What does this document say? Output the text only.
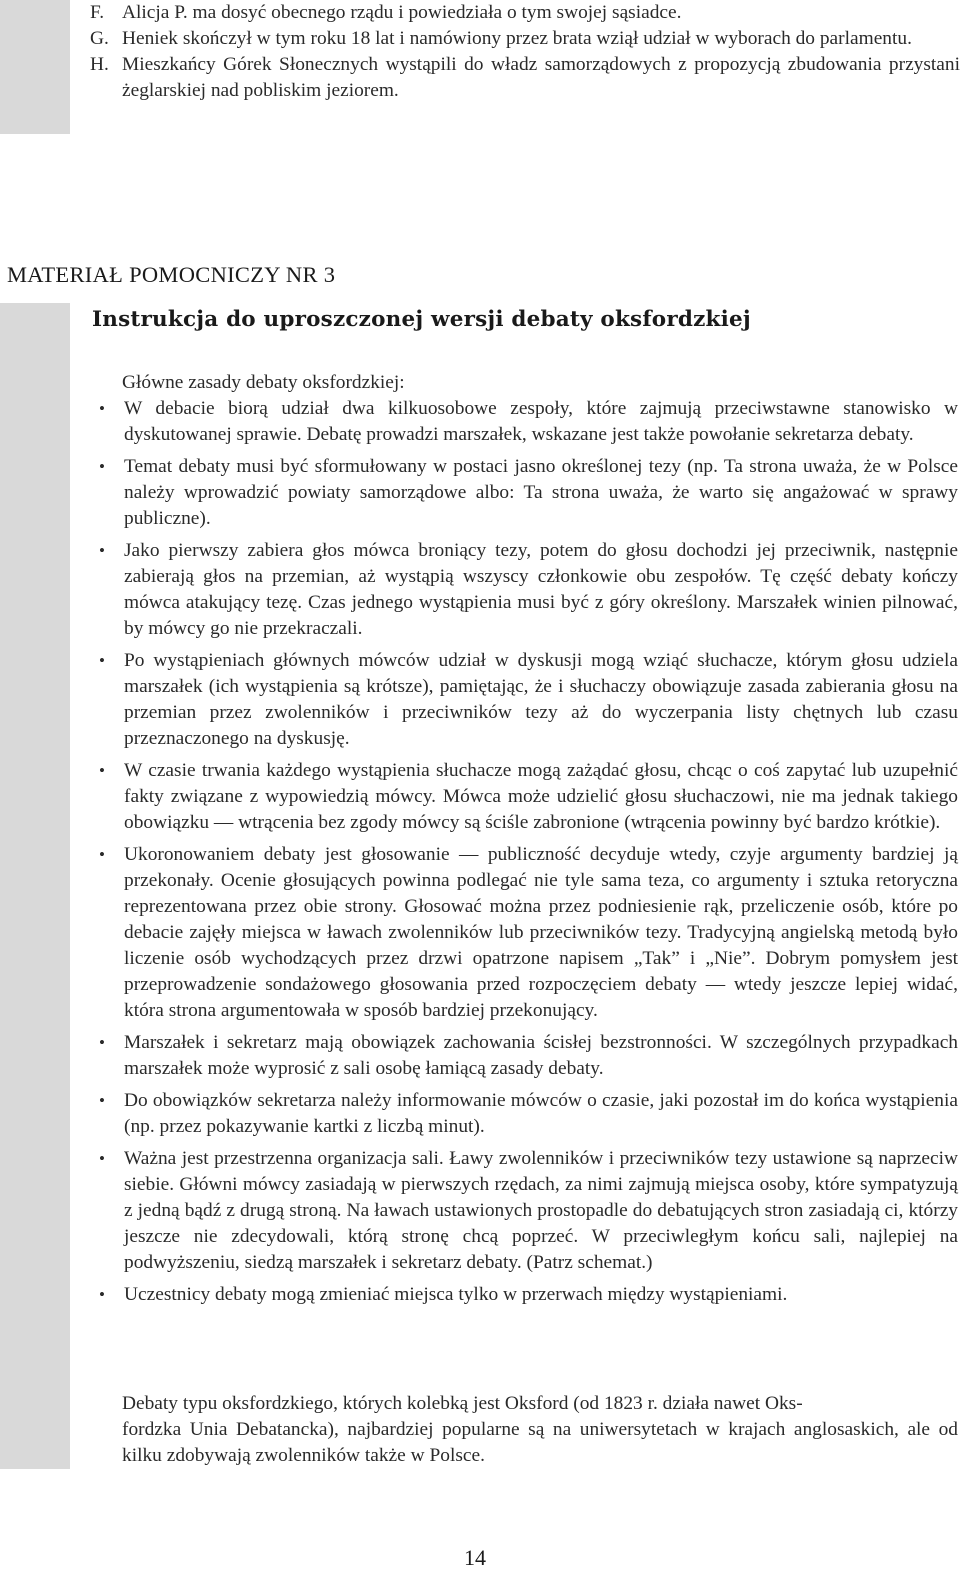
F. Alicja P. ma dosyć obecnego rządu i powiedziała o tym swojej sąsiadce.
G. Heniek skończył w tym roku 18 lat i namówiony przez brata wziął udział w wyborach do parlamentu.
H. Mieszkańcy Górek Słonecznych wystąpili do władz samorządowych z propozycją zbudowania przystani żeglarskiej nad pobliskim jeziorem.
MATERIAŁ POMOCNICZY NR 3
Instrukcja do uproszczonej wersji debaty oksfordzkiej
Główne zasady debaty oksfordzkiej:
• W debacie biorą udział dwa kilkuosobowe zespoły, które zajmują przeciwstawne stanowisko w dyskutowanej sprawie. Debatę prowadzi marszałek, wskazane jest także powołanie sekretarza debaty.
• Temat debaty musi być sformułowany w postaci jasno określonej tezy (np. Ta strona uważa, że w Polsce należy wprowadzić powiaty samorządowe albo: Ta strona uważa, że warto się angażować w sprawy publiczne).
• Jako pierwszy zabiera głos mówca broniący tezy, potem do głosu dochodzi jej przeciwnik, następnie zabierają głos na przemian, aż wystąpią wszyscy członkowie obu zespołów. Tę część debaty kończy mówca atakujący tezę. Czas jednego wystąpienia musi być z góry określony. Marszałek winien pilnować, by mówcy go nie przekraczali.
• Po wystąpieniach głównych mówców udział w dyskusji mogą wziąć słuchacze, którym głosu udziela marszałek (ich wystąpienia są krótsze), pamiętając, że i słuchaczy obowiązuje zasada zabierania głosu na przemian przez zwolenników i przeciwników tezy aż do wyczerpania listy chętnych lub czasu przeznaczonego na dyskusję.
• W czasie trwania każdego wystąpienia słuchacze mogą zażądać głosu, chcąc o coś zapytać lub uzupełnić fakty związane z wypowiedzią mówcy. Mówca może udzielić głosu słuchaczowi, nie ma jednak takiego obowiązku — wtrącenia bez zgody mówcy są ściśle zabronione (wtrącenia powinny być bardzo krótkie).
• Ukoronowaniem debaty jest głosowanie — publiczność decyduje wtedy, czyje argumenty bardziej ją przekonały. Ocenie głosujących powinna podlegać nie tyle sama teza, co argumenty i sztuka retoryczna reprezentowana przez obie strony. Głosować można przez podniesienie rąk, przeliczenie osób, które po debacie zajęły miejsca w ławach zwolenników lub przeciwników tezy. Tradycyjną angielską metodą było liczenie osób wychodzących przez drzwi opatrzone napisem „Tak” i „Nie”. Dobrym pomysłem jest przeprowadzenie sondażowego głosowania przed rozpoczęciem debaty — wtedy jeszcze lepiej widać, która strona argumentowała w sposób bardziej przekonujący.
• Marszałek i sekretarz mają obowiązek zachowania ścisłej bezstronności. W szczególnych przypadkach marszałek może wyprosić z sali osobę łamiącą zasady debaty.
• Do obowiązków sekretarza należy informowanie mówców o czasie, jaki pozostał im do końca wystąpienia (np. przez pokazywanie kartki z liczbą minut).
• Ważna jest przestrzenna organizacja sali. Ławy zwolenników i przeciwników tezy ustawione są naprzeciw siebie. Główni mówcy zasiadają w pierwszych rzędach, za nimi zajmują miejsca osoby, które sympatyzują z jedną bądź z drugą stroną. Na ławach ustawionych prostopadle do debatujących stron zasiadają ci, którzy jeszcze nie zdecydowali, którą stronę chcą poprzeć. W przeciwległym końcu sali, najlepiej na podwyższeniu, siedzą marszałek i sekretarz debaty. (Patrz schemat.)
• Uczestnicy debaty mogą zmieniać miejsca tylko w przerwach między wystąpieniami.
Debaty typu oksfordzkiego, których kolebką jest Oksford (od 1823 r. działa nawet Oks-
fordzka Unia Debatancka), najbardziej popularne są na uniwersytetach w krajach anglosaskich, ale od kilku zdobywają zwolenników także w Polsce.
14
